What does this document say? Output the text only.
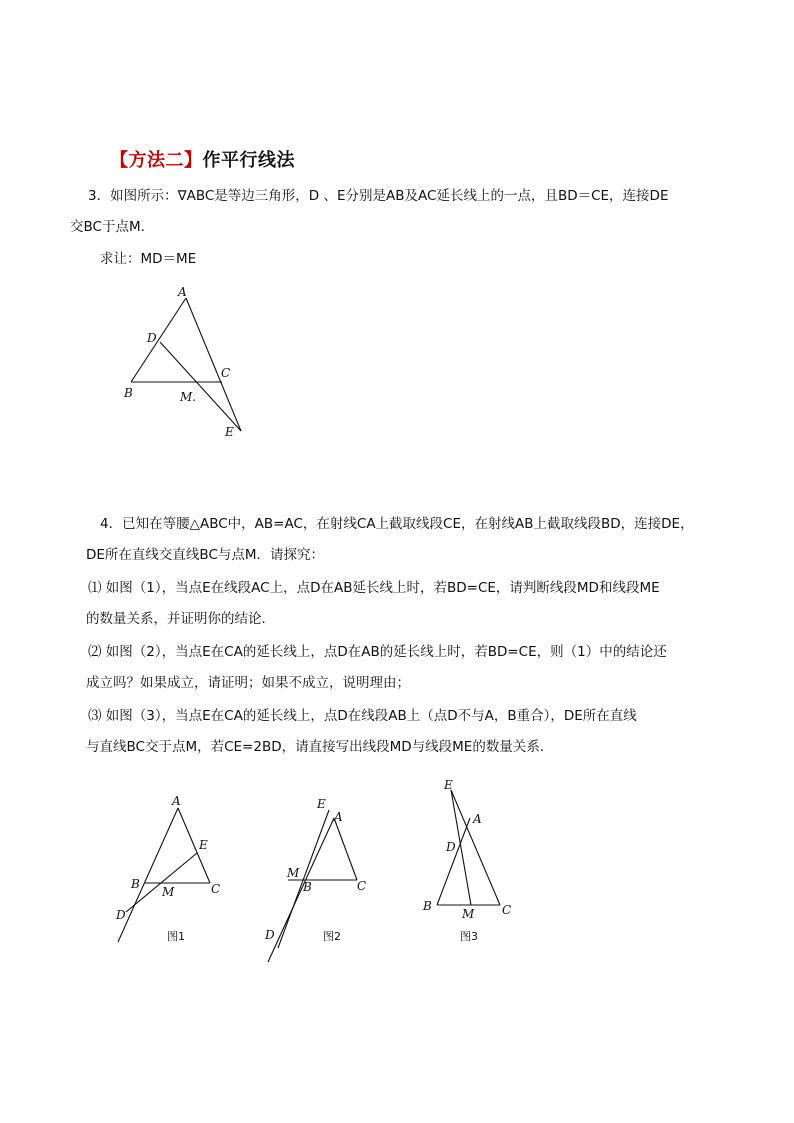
【方法二】作平行线法
3．如图所示：∇ABC是等边三角形，D 、E分别是AB及AC延长线上的一点，且BD＝CE，连接DE
交BC于点M．
求让：MD＝ME
A
D
C
B	M.
E
4．已知在等腰△ABC中，AB=AC，在射线CA上截取线段CE，在射线AB上截取线段BD，连接DE，
DE所在直线交直线BC与点M．请探究：
⑴ 如图（1），当点E在线段AC上，点D在AB延长线上时，若BD=CE，请判断线段MD和线段ME
的数量关系，并证明你的结论．
⑵ 如图（2），当点E在CA的延长线上，点D在AB的延长线上时，若BD=CE，则（1）中的结论还
成立吗？如果成立，请证明；如果不成立，说明理由；
⑶ 如图（3），当点E在CA的延长线上，点D在线段AB上（点D不与A，B重合），DE所在直线
与直线BC交于点M，若CE=2BD，请直接写出线段MD与线段ME的数量关系．
A
E
B	C
M
D
图1
E
A
M
B	C
D	图2
E
A
D
B	C
M
图3
